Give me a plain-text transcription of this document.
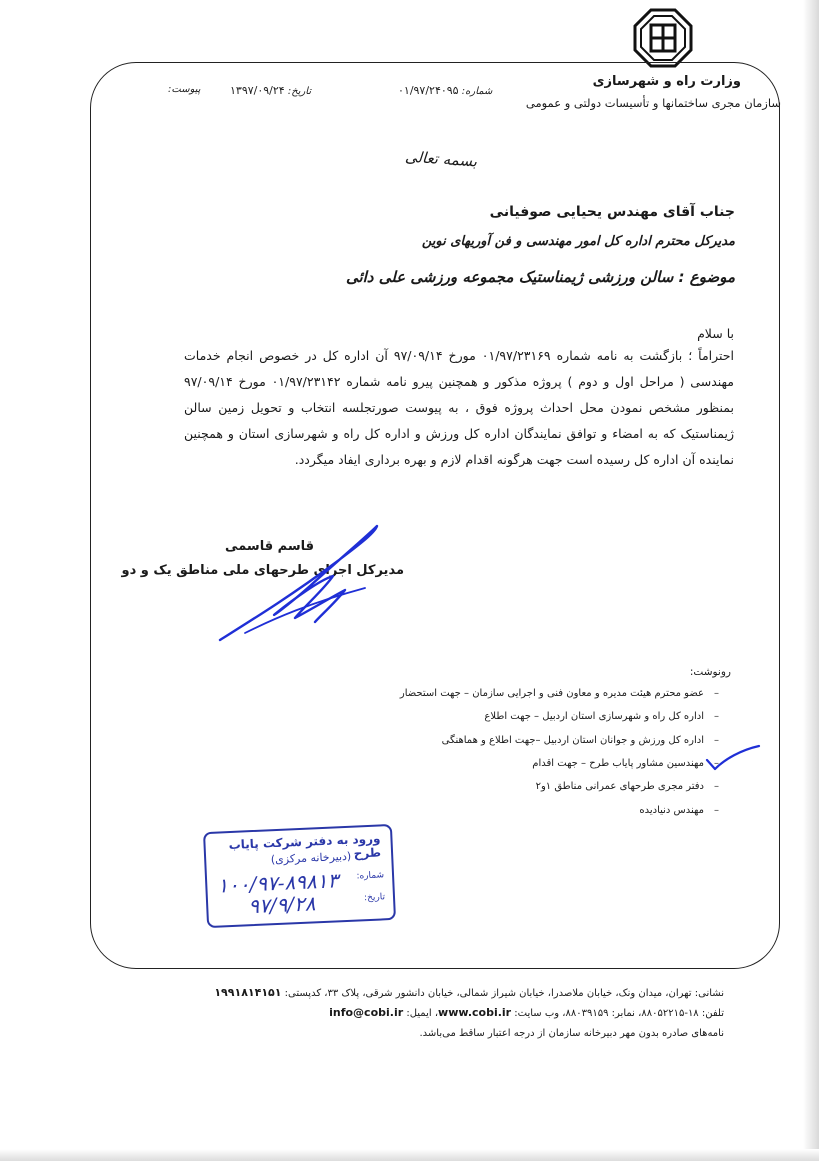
وزارت راه و شهرسازی
سازمان مجری ساختمانها و تأسیسات دولتی و عمومی
پیوست:	تاریخ: ۱۳۹۷/۰۹/۲۴	شماره: ۰۱/۹۷/۲۴۰۹۵
بسمه تعالی
جناب آقای مهندس یحیایی صوفیانی
مدیرکل محترم اداره کل امور مهندسی و فن آوریهای نوین
موضوع : سالن ورزشی ژیمناستیک مجموعه ورزشی علی دائی
با سلام

احتراماً ؛ بازگشت به نامه شماره ۰۱/۹۷/۲۳۱۶۹ مورخ ۹۷/۰۹/۱۴ آن اداره کل در خصوص انجام خدمات مهندسی ( مراحل اول و دوم ) پروژه مذکور و همچنین پیرو نامه شماره ۰۱/۹۷/۲۳۱۴۲ مورخ ۹۷/۰۹/۱۴ بمنظور مشخص نمودن محل احداث پروژه فوق ، به پیوست صورتجلسه انتخاب و تحویل زمین سالن ژیمناستیک که به امضاء و توافق نمایندگان اداره کل ورزش و اداره کل راه و شهرسازی استان و همچنین نماینده آن اداره کل رسیده است جهت هرگونه اقدام لازم و بهره برداری ایفاد میگردد.

قاسم قاسمی
مدیرکل اجرای طرحهای ملی مناطق یک و دو
رونوشت:
–
عضو محترم هیئت مدیره و معاون فنی و اجرایی سازمان – جهت استحضار
–
اداره کل راه و شهرسازی استان اردبیل – جهت اطلاع
–
اداره کل ورزش و جوانان استان اردبیل –جهت اطلاع و هماهنگی
–
مهندسین مشاور پایاب طرح – جهت اقدام
–
دفتر مجری طرحهای عمرانی مناطق ۱و۲
–
مهندس دنیادیده
ورود به دفتر شرکت پایاب طرح
(دبیرخانه مرکزی)
شماره:
تاریخ:
۱۰۰/۹۷-۸۹۸۱۳
۹۷/۹/۲۸
نشانی: تهران، میدان ونک، خیابان ملاصدرا، خیابان شیراز شمالی، خیابان دانشور شرقی، پلاک ۳۳، کدپستی: ۱۹۹۱۸۱۴۱۵۱
تلفن: ۱۸-۸۸۰۵۲۲۱۵، نمابر: ۸۸۰۳۹۱۵۹، وب سایت: www.cobi.ir، ایمیل: info@cobi.ir
نامه‌های صادره بدون مهر دبیرخانه سازمان از درجه اعتبار ساقط می‌باشد.
